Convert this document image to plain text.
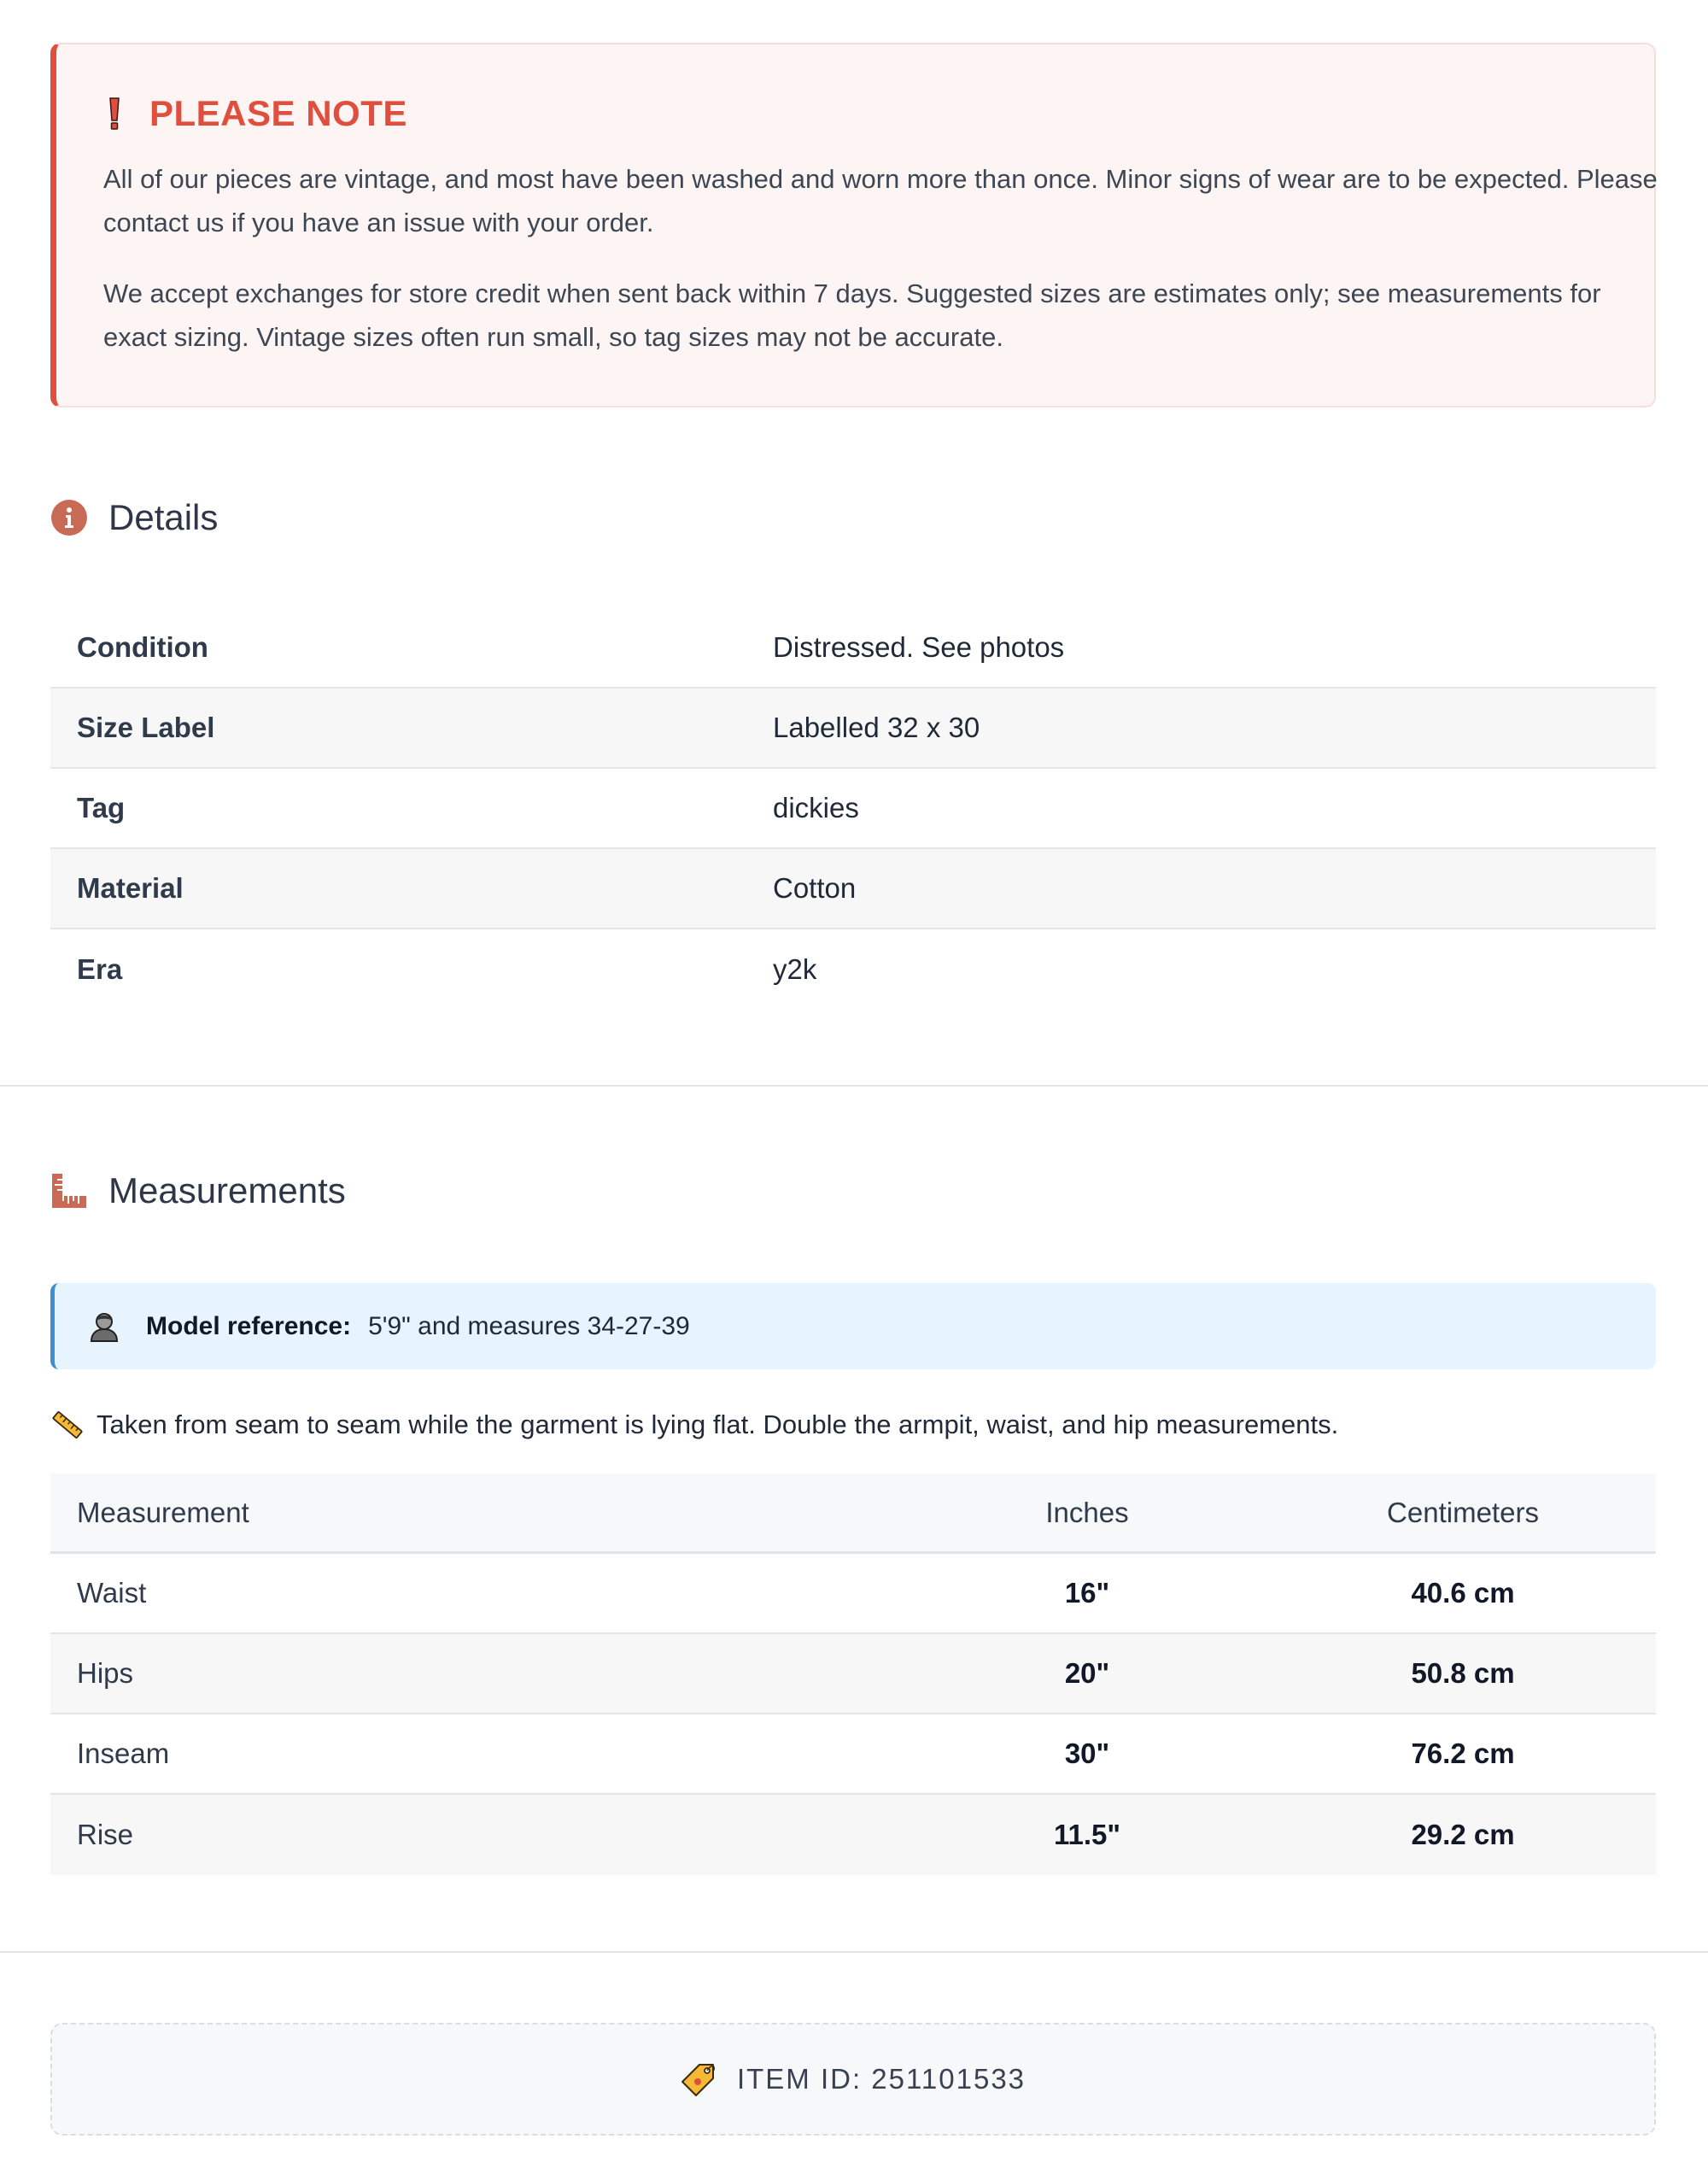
PLEASE NOTE

All of our pieces are vintage, and most have been washed and worn more than once. Minor signs of wear are to be expected. Please contact us if you have an issue with your order.

We accept exchanges for store credit when sent back within 7 days. Suggested sizes are estimates only; see measurements for exact sizing. Vintage sizes often run small, so tag sizes may not be accurate.

Details
Condition	Distressed. See photos
Size Label	Labelled 32 x 30
Tag	dickies
Material	Cotton
Era	y2k
Measurements
Model reference: 5'9" and measures 34-27-39
Taken from seam to seam while the garment is lying flat. Double the armpit, waist, and hip measurements.
Measurement	Inches	Centimeters
Waist	16"	40.6 cm
Hips	20"	50.8 cm
Inseam	30"	76.2 cm
Rise	11.5"	29.2 cm
ITEM ID: 251101533
